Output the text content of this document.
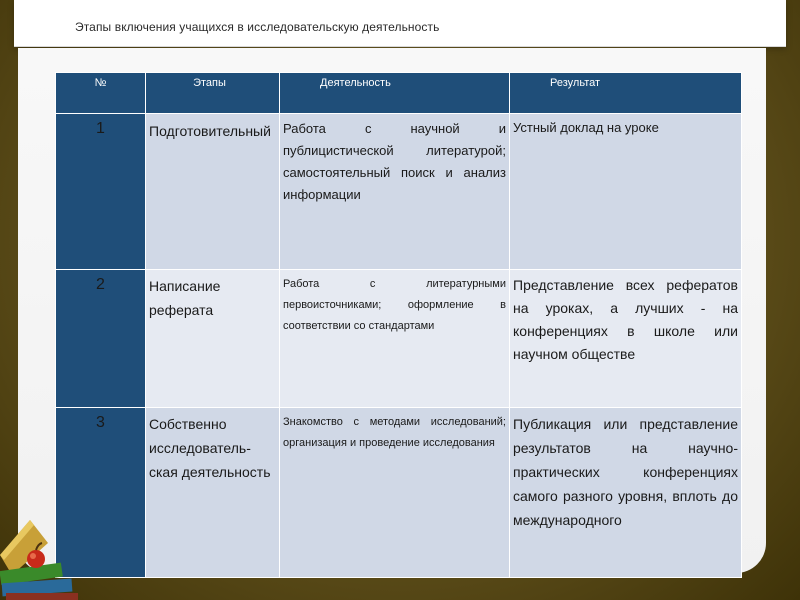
Этапы включения учащихся в исследовательскую деятельность
№	Этапы	Деятельность	Результат
1	Подготовительный	Работа с научной и публицистической литературой; самостоятельный поиск и анализ информации	Устный доклад на уроке

2	Написание реферата	Работа с литературными первоисточниками; оформление в соответствии со стандартами	Представление всех рефератов на уроках, а лучших - на конференциях в школе или научном обществе

3	Собственно исследователь-ская деятельность	Знакомство с методами исследований; организация и проведение исследования	Публикация или представление результатов на научно-практических конференциях самого разного уровня, вплоть до международного
